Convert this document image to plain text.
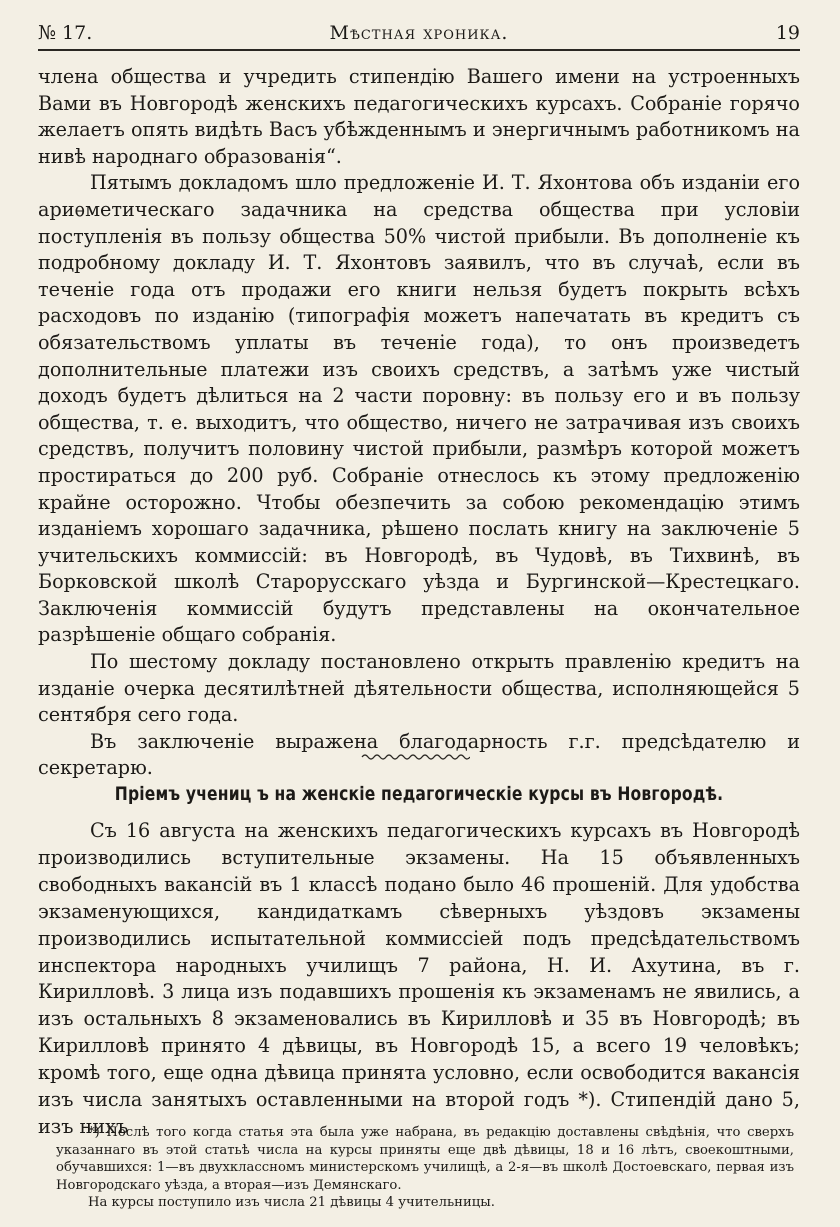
№ 17.	Мѣстная хроника.	19

члена общества и учредить стипендію Вашего имени на устроенныхъ Вами въ Новгородѣ женскихъ педагогическихъ курсахъ. Собраніе горячо желаетъ опять видѣть Васъ убѣжденнымъ и энергичнымъ работникомъ на нивѣ народнаго образованія“.

Пятымъ докладомъ шло предложеніе И. Т. Яхонтова объ изданіи его ариѳметическаго задачника на средства общества при условіи поступленія въ пользу общества 50% чистой прибыли. Въ дополненіе къ подробному докладу И. Т. Яхонтовъ заявилъ, что въ случаѣ, если въ теченіе года отъ продажи его книги нельзя будетъ покрыть всѣхъ расходовъ по изданію (типографія можетъ напечатать въ кредитъ съ обязательствомъ уплаты въ теченіе года), то онъ произведетъ дополнительные платежи изъ своихъ средствъ, а затѣмъ уже чистый доходъ будетъ дѣлиться на 2 части поровну: въ пользу его и въ пользу общества, т. е. выходитъ, что общество, ничего не затрачивая изъ своихъ средствъ, получитъ половину чистой прибыли, размѣръ которой можетъ простираться до 200 руб. Собраніе отнеслось къ этому предложенію крайне осторожно. Чтобы обезпечить за собою рекомендацію этимъ изданіемъ хорошаго задачника, рѣшено послать книгу на заключеніе 5 учительскихъ коммиссій: въ Новгородѣ, въ Чудовѣ, въ Тихвинѣ, въ Борковской школѣ Старорусскаго уѣзда и Бургинской—Крестецкаго. Заключенія коммиссій будутъ представлены на окончательное разрѣшеніе общаго собранія.

По шестому докладу постановлено открыть правленію кредитъ на изданіе очерка десятилѣтней дѣятельности общества, исполняющейся 5 сентября сего года.

Въ заключеніе выражена благодарность г.г. предсѣдателю и секретарю.

Пріемъ учениц ъ на женскіе педагогическіе курсы въ Новгородѣ.

Съ 16 августа на женскихъ педагогическихъ курсахъ въ Новгородѣ производились вступительные экзамены. На 15 объявленныхъ свободныхъ вакансій въ 1 классѣ подано было 46 прошеній. Для удобства экзаменующихся, кандидаткамъ сѣверныхъ уѣздовъ экзамены производились испытательной коммиссіей подъ предсѣдательствомъ инспектора народныхъ училищъ 7 района, Н. И. Ахутина, въ г. Кирилловѣ. 3 лица изъ подавшихъ прошенія къ экзаменамъ не явились, а изъ остальныхъ 8 экзаменовались въ Кирилловѣ и 35 въ Новгородѣ; въ Кирилловѣ принято 4 дѣвицы, въ Новгородѣ 15, а всего 19 человѣкъ; кромѣ того, еще одна дѣвица принята условно, если освободится вакансія изъ числа занятыхъ оставленными на второй годъ *). Стипендій дано 5, изъ нихъ

*) Послѣ того когда статья эта была уже набрана, въ редакцію доставлены свѣдѣнія, что сверхъ указаннаго въ этой статьѣ числа на курсы приняты еще двѣ дѣвицы, 18 и 16 лѣтъ, своекоштными, обучавшихся: 1—въ двухклассномъ министерскомъ училищѣ, а 2-я—въ школѣ Достоевскаго, первая изъ Новгородскаго уѣзда, а вторая—изъ Демянскаго.

На курсы поступило изъ числа 21 дѣвицы 4 учительницы.
